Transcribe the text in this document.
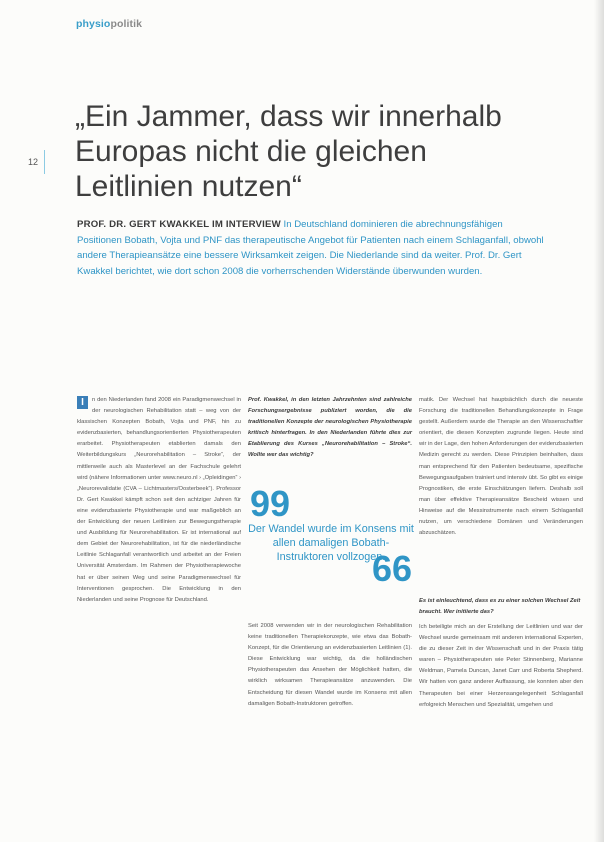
physiopolitik
12
„Ein Jammer, dass wir innerhalb Europas nicht die gleichen Leitlinien nutzen“
PROF. DR. GERT KWAKKEL IM INTERVIEW In Deutschland dominieren die abrechnungsfähigen Positionen Bobath, Vojta und PNF das therapeutische Angebot für Patienten nach einem Schlaganfall, obwohl andere Therapieansätze eine bessere Wirksamkeit zeigen. Die Niederlande sind da weiter. Prof. Dr. Gert Kwakkel berichtet, wie dort schon 2008 die vorherrschenden Widerstände überwunden wurden.
I	n den Niederlanden fand 2008 ein Paradigmenwechsel in der neurologischen Rehabilitation statt – weg von der klassischen Konzepten Bobath, Vojta und PNF, hin zu evidenzbasierten, behandlungsorientierten Physiotherapeuten erarbeitet. Physiotherapeuten etablierten damals den Weiterbildungskurs „Neurorehabilitation – Stroke“, der mittlerweile auch als Masterlevel an der Fachschule gelehrt wird (nähere Informationen unter www.neuro.nl › „Opleidingen“ › „Neurorevalidatie (CVA – Lichtmasters/Oosterbeek“). Professor Dr. Gert Kwakkel kämpft schon seit den achtziger Jahren für eine evidenzbasierte Physiotherapie und war maßgeblich an der Entwicklung der neuen Leitlinien zur Bewegungstherapie und Ausbildung für Neurorehabilitation. Er ist international auf dem Gebiet der Neurorehabilitation, ist für die niederländische Leitlinie Schlaganfall verantwortlich und arbeitet an der Freien Universität Amsterdam. Im Rahmen der Physiotherapiewoche hat er über seinen Weg und seine Paradigmenwechsel für Interventionen gesprochen. Die Entwicklung in den Niederlanden und seine Prognose für Deutschland.
Prof. Kwakkel, in den letzten Jahrzehnten sind zahlreiche Forschungsergebnisse publiziert worden, die die traditionellen Konzepte der neurologischen Physiotherapie kritisch hinterfragen. In den Niederlanden führte dies zur Etablierung des Kurses „Neurorehabilitation – Stroke“. Wollte wer das wichtig?
99
Der Wandel wurde im Konsens mit allen damaligen Bobath-Instruktoren vollzogen.
66
Seit 2008 verwenden wir in der neurologischen Rehabilitation keine traditionellen Therapiekonzepte, wie etwa das Bobath-Konzept, für die Orientierung an evidenzbasierten Leitlinien (1). Diese Entwicklung war wichtig, da die holländischen Physiotherapeuten das Ansehen der Möglichkeit hatten, die wirklich wirksamen Therapieansätze anzuwenden. Die Entscheidung für diesen Wandel wurde im Konsens mit allen damaligen Bobath-Instruktoren getroffen.
matik. Der Wechsel hat hauptsächlich durch die neueste Forschung die traditionellen Behandlungskonzepte in Frage gestellt. Außerdem wurde die Therapie an den Wissenschaftler orientiert, die diesen Konzepten zugrunde liegen. Heute sind wir in der Lage, den hohen Anforderungen der evidenzbasierten Medizin gerecht zu werden. Diese Prinzipien beinhalten, dass man entsprechend für den Patienten bedeutsame, spezifische Bewegungsaufgaben trainiert und intensiv übt. So gibt es einige Prognostiken, die erste Einschätzungen liefern. Deshalb soll man über effektive Therapieansätze Bescheid wissen und Hinweise auf die Messinstrumente nach einem Schlaganfall nutzen, um verschiedene Domänen und Veränderungen abzuschätzen.
Es ist einleuchtend, dass es zu einer solchen Wechsel Zeit braucht. Wer initiierte das?
Ich beteiligte mich an der Erstellung der Leitlinien und war der Wechsel wurde gemeinsam mit anderen international Experten, die zu dieser Zeit in der Wissenschaft und in der Praxis tätig waren – Physiotherapeuten wie Peter Stinnenberg, Marianne Weldman, Pamela Duncan, Janet Carr und Roberta Shepherd. Wir hatten von ganz anderer Auffassung, sie konnten aber den Therapeuten bei einer Herzensangelegenheit Schlaganfall erfolgreich Menschen und Spezialität, umgehen und
